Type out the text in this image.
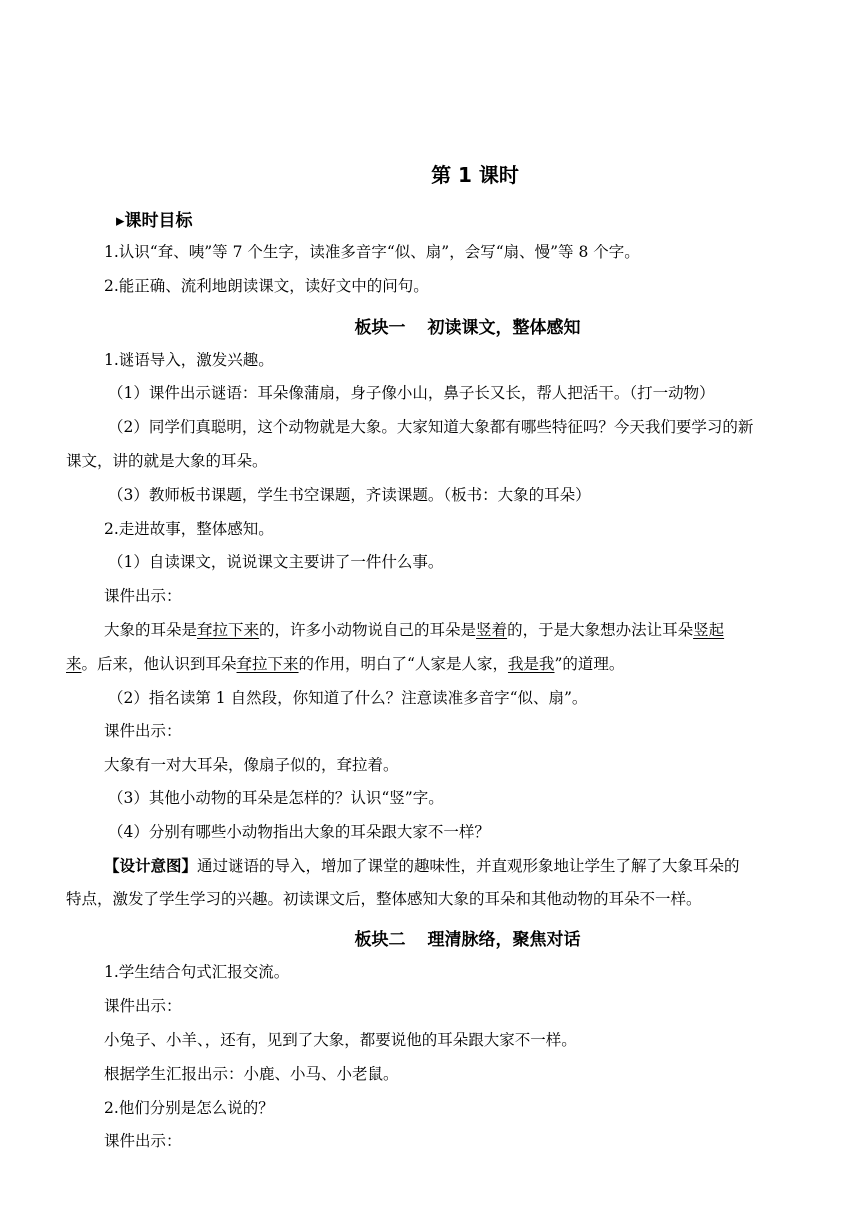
第 1 课时
▸课时目标
1.认识“耷、咦”等 7 个生字，读准多音字“似、扇”，会写“扇、慢”等 8 个字。
2.能正确、流利地朗读课文，读好文中的问句。
板块一 初读课文，整体感知
1.谜语导入，激发兴趣。
（1）课件出示谜语：耳朵像蒲扇，身子像小山，鼻子长又长，帮人把活干。（打一动物）
（2）同学们真聪明，这个动物就是大象。大家知道大象都有哪些特征吗？今天我们要学习的新
课文，讲的就是大象的耳朵。
（3）教师板书课题，学生书空课题，齐读课题。（板书：大象的耳朵）
2.走进故事，整体感知。
（1）自读课文，说说课文主要讲了一件什么事。
课件出示：
大象的耳朵是耷拉下来的，许多小动物说自己的耳朵是竖着的，于是大象想办法让耳朵竖起
来。后来，他认识到耳朵耷拉下来的作用，明白了“人家是人家，我是我”的道理。
（2）指名读第 1 自然段，你知道了什么？注意读准多音字“似、扇”。
课件出示：
大象有一对大耳朵，像扇子似的，耷拉着。
（3）其他小动物的耳朵是怎样的？认识“竖”字。
（4）分别有哪些小动物指出大象的耳朵跟大家不一样？
【设计意图】通过谜语的导入，增加了课堂的趣味性，并直观形象地让学生了解了大象耳朵的
特点，激发了学生学习的兴趣。初读课文后，整体感知大象的耳朵和其他动物的耳朵不一样。
板块二 理清脉络，聚焦对话
1.学生结合句式汇报交流。
课件出示：
小兔子、小羊、，还有，见到了大象，都要说他的耳朵跟大家不一样。
根据学生汇报出示：小鹿、小马、小老鼠。
2.他们分别是怎么说的？
课件出示：
